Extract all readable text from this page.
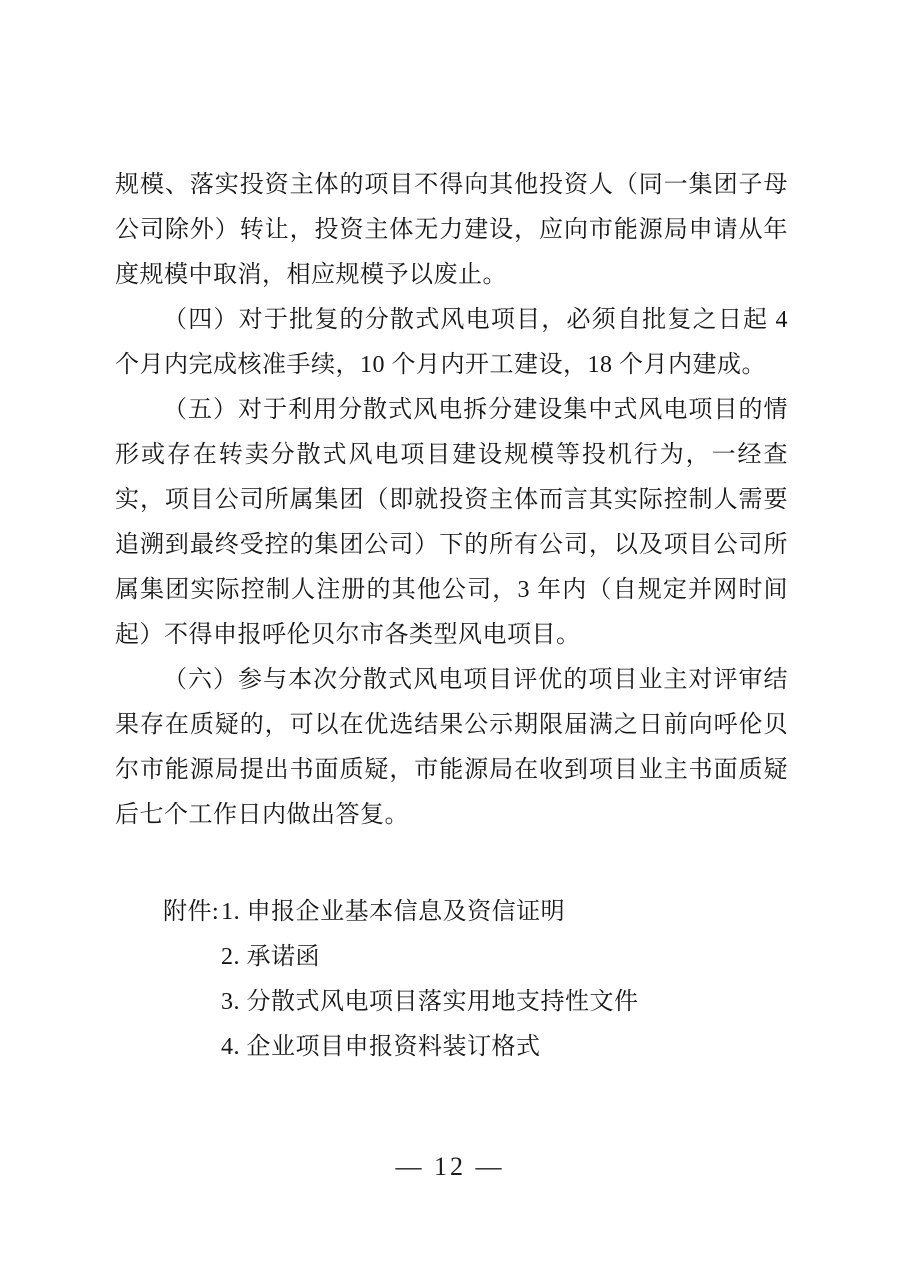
规模、落实投资主体的项目不得向其他投资人（同一集团子母公司除外）转让，投资主体无力建设，应向市能源局申请从年度规模中取消，相应规模予以废止。

（四）对于批复的分散式风电项目，必须自批复之日起 4 个月内完成核准手续，10 个月内开工建设，18 个月内建成。

（五）对于利用分散式风电拆分建设集中式风电项目的情形或存在转卖分散式风电项目建设规模等投机行为，一经查实，项目公司所属集团（即就投资主体而言其实际控制人需要追溯到最终受控的集团公司）下的所有公司，以及项目公司所属集团实际控制人注册的其他公司，3 年内（自规定并网时间起）不得申报呼伦贝尔市各类型风电项目。

（六）参与本次分散式风电项目评优的项目业主对评审结果存在质疑的，可以在优选结果公示期限届满之日前向呼伦贝尔市能源局提出书面质疑，市能源局在收到项目业主书面质疑后七个工作日内做出答复。

附件:1. 申报企业基本信息及资信证明
2. 承诺函
3. 分散式风电项目落实用地支持性文件
4. 企业项目申报资料装订格式
— 12 —
